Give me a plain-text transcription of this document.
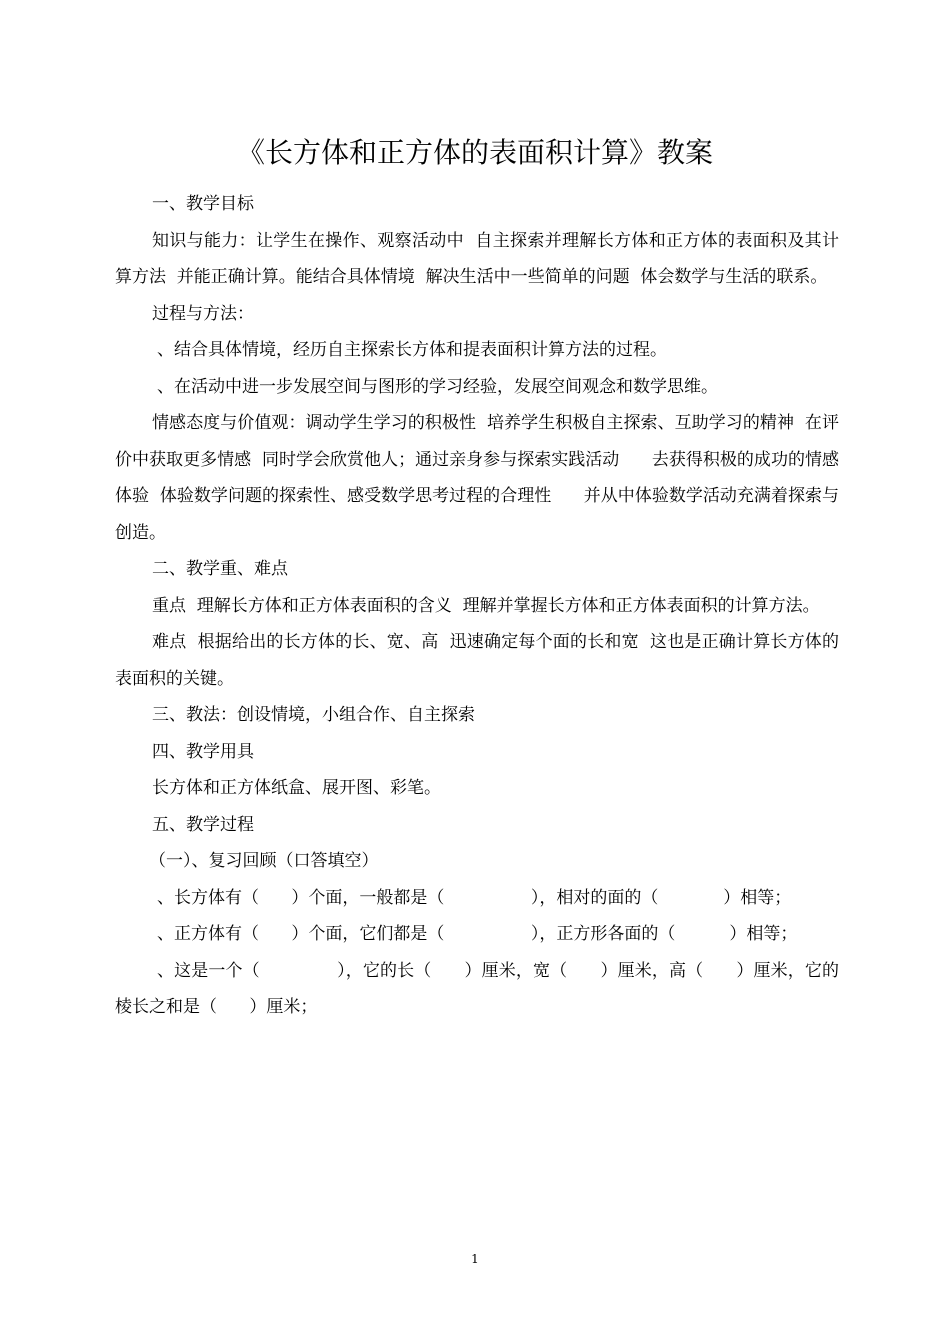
《长方体和正方体的表面积计算》教案

一、教学目标

知识与能力：让学生在操作、观察活动中  自主探索并理解长方体和正方体的表面积及其计算方法  并能正确计算。能结合具体情境  解决生活中一些简单的问题  体会数学与生活的联系。

过程与方法：

、结合具体情境，经历自主探索长方体和提表面积计算方法的过程。

、在活动中进一步发展空间与图形的学习经验，发展空间观念和数学思维。

情感态度与价值观：调动学生学习的积极性  培养学生积极自主探索、互助学习的精神  在评价中获取更多情感  同时学会欣赏他人；通过亲身参与探索实践活动      去获得积极的成功的情感体验  体验数学问题的探索性、感受数学思考过程的合理性      并从中体验数学活动充满着探索与创造。

二、教学重、难点

重点  理解长方体和正方体表面积的含义  理解并掌握长方体和正方体表面积的计算方法。

难点  根据给出的长方体的长、宽、高  迅速确定每个面的长和宽  这也是正确计算长方体的表面积的关键。

三、教法：创设情境，小组合作、自主探索

四、教学用具

长方体和正方体纸盒、展开图、彩笔。

五、教学过程

（一）、复习回顾（口答填空）

、长方体有（      ）个面，一般都是（                ），相对的面的（            ）相等；

、正方体有（      ）个面，它们都是（                ），正方形各面的（          ）相等；

、这是一个（              ），它的长（      ）厘米，宽（      ）厘米，高（      ）厘米，它的棱长之和是（      ）厘米；

1
